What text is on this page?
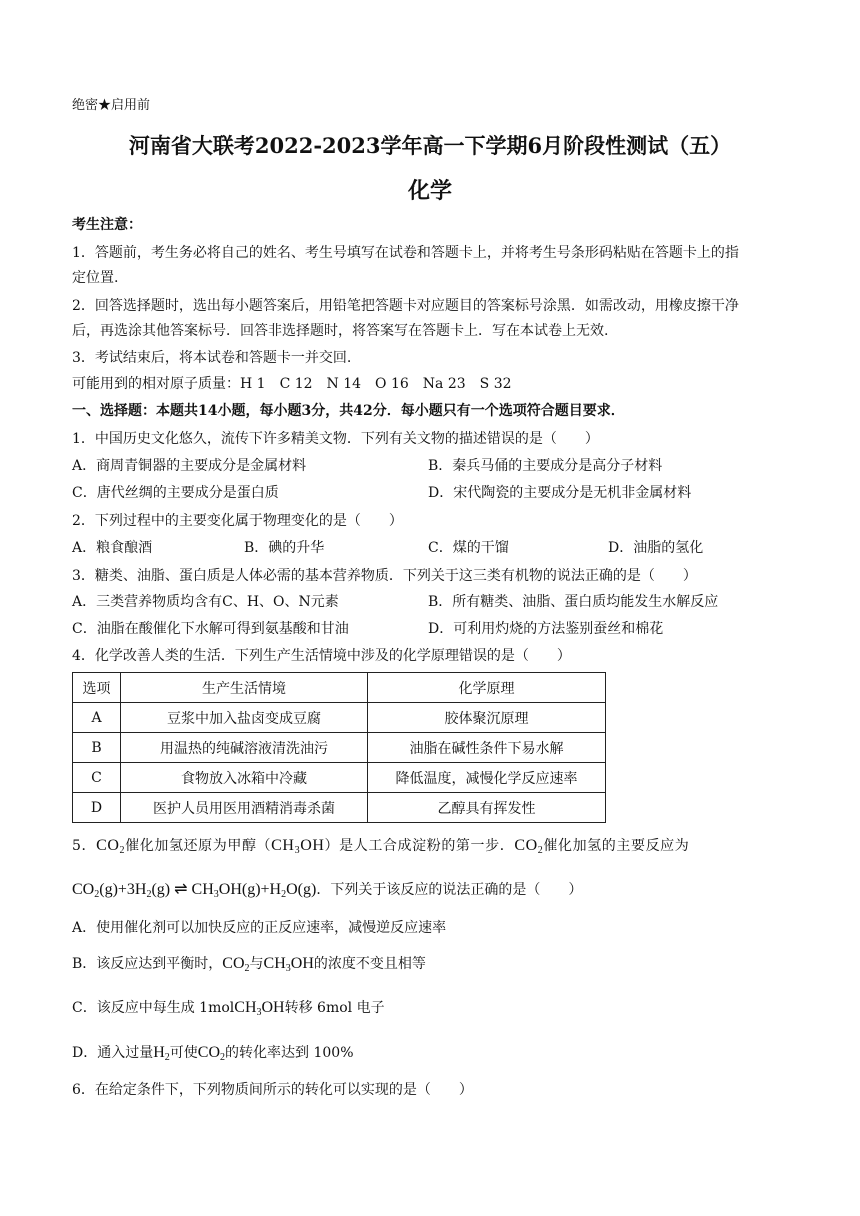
绝密★启用前
河南省大联考2022-2023学年高一下学期6月阶段性测试（五）
化学
考生注意：
1．答题前，考生务必将自己的姓名、考生号填写在试卷和答题卡上，并将考生号条形码粘贴在答题卡上的指
定位置.
2．回答选择题时，选出每小题答案后，用铅笔把答题卡对应题目的答案标号涂黑．如需改动，用橡皮擦干净
后，再选涂其他答案标号．回答非选择题时，将答案写在答题卡上．写在本试卷上无效.
3．考试结束后，将本试卷和答题卡一并交回.
可能用到的相对原子质量：H 1　C 12　N 14　O 16　Na 23　S 32
一、选择题：本题共14小题，每小题3分，共42分．每小题只有一个选项符合题目要求．
1．中国历史文化悠久，流传下许多精美文物．下列有关文物的描述错误的是（　　）
A．商周青铜器的主要成分是金属材料	B．秦兵马俑的主要成分是高分子材料
C．唐代丝绸的主要成分是蛋白质	D．宋代陶瓷的主要成分是无机非金属材料
2．下列过程中的主要变化属于物理变化的是（　　）
A．粮食酿酒	B．碘的升华	C．煤的干馏	D．油脂的氢化
3．糖类、油脂、蛋白质是人体必需的基本营养物质．下列关于这三类有机物的说法正确的是（　　）
A．三类营养物质均含有C、H、O、N元素	B．所有糖类、油脂、蛋白质均能发生水解反应
C．油脂在酸催化下水解可得到氨基酸和甘油	D．可利用灼烧的方法鉴别蚕丝和棉花
4．化学改善人类的生活．下列生产生活情境中涉及的化学原理错误的是（　　）
选项	生产生活情境	化学原理
A	豆浆中加入盐卤变成豆腐	胶体聚沉原理
B	用温热的纯碱溶液清洗油污	油脂在碱性条件下易水解
C	食物放入冰箱中冷藏	降低温度，减慢化学反应速率
D	医护人员用医用酒精消毒杀菌	乙醇具有挥发性
5．$CO_2$催化加氢还原为甲醇$(CH_3OH)$是人工合成淀粉的第一步．$CO_2$催化加氢的主要反应为
$CO_2(g)+3H_2(g)$ ⇌ $CH_3OH(g)+H_2O(g)$．下列关于该反应的说法正确的是（　　）
A．使用催化剂可以加快反应的正反应速率，减慢逆反应速率
B．该反应达到平衡时，$CO_2$与$CH_3OH$的浓度不变且相等
C．该反应中每生成 1molCH$_3$OH转移 6mol 电子
D．通入过量$H_2$可使$CO_2$的转化率达到 100%
6．在给定条件下，下列物质间所示的转化可以实现的是（　　）
